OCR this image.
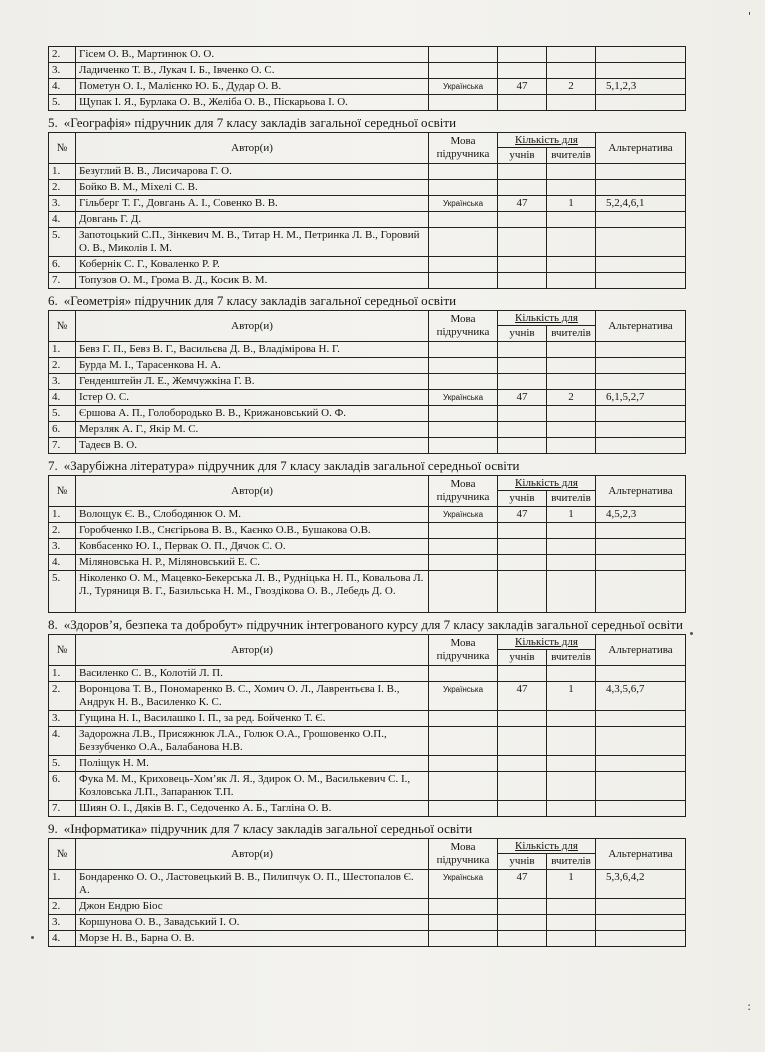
2.	Гісем О. В., Мартинюк О. О.				
3.	Ладиченко Т. В., Лукач І. Б., Івченко О. С.				
4.	Пометун О. І., Малієнко Ю. Б., Дудар О. В.	Українська	47	2	5,1,2,3
5.	Щупак І. Я., Бурлака О. В., Желіба О. В., Піскарьова І. О.				
5. «Географія» підручник для 7 класу закладів загальної середньої освіти
№	Автор(и)	Мова підручника	Кількість для		Альтернатива
			учнів	вчителів	
1.	Безуглий В. В., Лисичарова Г. О.				
2.	Бойко В. М., Міхелі С. В.				
3.	Гільберг Т. Г., Довгань А. І., Совенко В. В.	Українська	47	1	5,2,4,6,1
4.	Довгань Г. Д.				
5.	Запотоцький С.П., Зінкевич М. В., Титар Н. М., Петринка Л. В., Горовий О. В., Миколів І. М.				
6.	Кобернік С. Г., Коваленко Р. Р.				
7.	Топузов О. М., Грома В. Д., Косик В. М.				
6. «Геометрія» підручник для 7 класу закладів загальної середньої освіти
№	Автор(и)	Мова підручника	Кількість для		Альтернатива
			учнів	вчителів	
1.	Бевз Г. П., Бевз В. Г., Васильєва Д. В., Владімірова Н. Г.				
2.	Бурда М. І., Тарасенкова Н. А.				
3.	Генденштейн Л. Е., Жемчужкіна Г. В.				
4.	Істер О. С.	Українська	47	2	6,1,5,2,7
5.	Єршова А. П., Голобородько В. В., Крижановський О. Ф.				
6.	Мерзляк А. Г., Якір М. С.				
7.	Тадеєв В. О.				
7. «Зарубіжна література» підручник для 7 класу закладів загальної середньої освіти
№	Автор(и)	Мова підручника	Кількість для		Альтернатива
			учнів	вчителів	
1.	Волощук Є. В., Слободянюк О. М.	Українська	47	1	4,5,2,3
2.	Горобченко І.В., Снєгірьова В. В., Каєнко О.В., Бушакова О.В.				
3.	Ковбасенко Ю. І., Первак О. П., Дячок С. О.				
4.	Міляновська Н. Р., Міляновський Е. С.				
5.	Ніколенко О. М., Мацевко-Бекерська Л. В., Рудніцька Н. П., Ковальова Л. Л., Туряниця В. Г., Базильська Н. М., Гвоздікова О. В., Лебедь Д. О.				
8. «Здоров’я, безпека та добробут» підручник інтегрованого курсу для 7 класу закладів загальної середньої освіти
№	Автор(и)	Мова підручника	Кількість для		Альтернатива
			учнів	вчителів	
1.	Василенко С. В., Колотій Л. П.				
2.	Воронцова Т. В., Пономаренко В. С., Хомич О. Л., Лаврентьєва І. В., Андрук Н. В., Василенко К. С.	Українська	47	1	4,3,5,6,7
3.	Гущина Н. І., Василашко І. П., за ред. Бойченко Т. Є.				
4.	Задорожна Л.В., Присяжнюк Л.А., Голюк О.А., Грошовенко О.П., Беззубченко О.А., Балабанова Н.В.				
5.	Поліщук Н. М.				
6.	Фука М. М., Криховець-Хом’як Л. Я., Здирок О. М., Василькевич С. І., Козловська Л.П., Запаранюк Т.П.				
7.	Шиян О. І., Дяків В. Г., Седоченко А. Б., Тагліна О. В.				
9. «Інформатика» підручник для 7 класу закладів загальної середньої освіти
№	Автор(и)	Мова підручника	Кількість для		Альтернатива
			учнів	вчителів	
1.	Бондаренко О. О., Ластовецький В. В., Пилипчук О. П., Шестопалов Є. А.	Українська	47	1	5,3,6,4,2
2.	Джон Ендрю Біос				
3.	Коршунова О. В., Завадський І. О.				
4.	Морзе Н. В., Барна О. В.				
'
:
